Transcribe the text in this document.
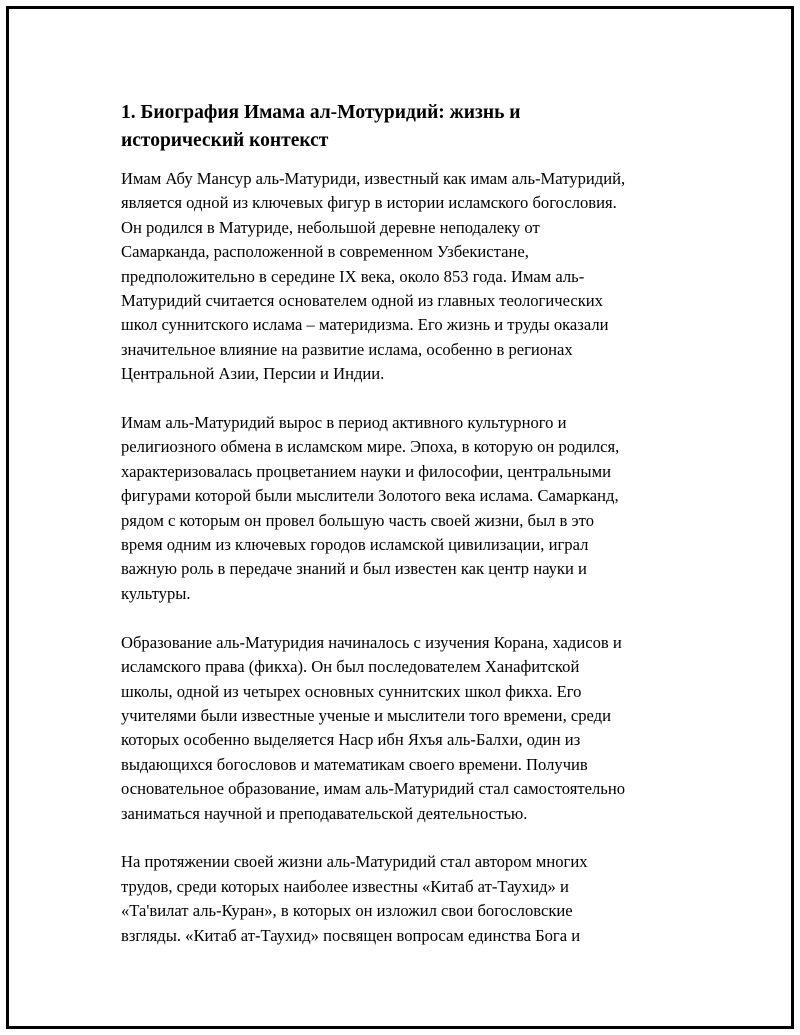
1. Биография Имама ал-Мотуридий: жизнь и
исторический контекст

Имам Абу Мансур аль-Матуриди, известный как имам аль-Матуридий,
является одной из ключевых фигур в истории исламского богословия.
Он родился в Матуриде, небольшой деревне неподалеку от
Самарканда, расположенной в современном Узбекистане,
предположительно в середине IX века, около 853 года. Имам аль-
Матуридий считается основателем одной из главных теологических
школ суннитского ислама – материдизма. Его жизнь и труды оказали
значительное влияние на развитие ислама, особенно в регионах
Центральной Азии, Персии и Индии.

Имам аль-Матуридий вырос в период активного культурного и
религиозного обмена в исламском мире. Эпоха, в которую он родился,
характеризовалась процветанием науки и философии, центральными
фигурами которой были мыслители Золотого века ислама. Самарканд,
рядом с которым он провел большую часть своей жизни, был в это
время одним из ключевых городов исламской цивилизации, играл
важную роль в передаче знаний и был известен как центр науки и
культуры.

Образование аль-Матуридия начиналось с изучения Корана, хадисов и
исламского права (фикха). Он был последователем Ханафитской
школы, одной из четырех основных суннитских школ фикха. Его
учителями были известные ученые и мыслители того времени, среди
которых особенно выделяется Наср ибн Яхъя аль-Балхи, один из
выдающихся богословов и математикам своего времени. Получив
основательное образование, имам аль-Матуридий стал самостоятельно
заниматься научной и преподавательской деятельностью.

На протяжении своей жизни аль-Матуридий стал автором многих
трудов, среди которых наиболее известны «Китаб ат-Таухид» и
«Та'вилат аль-Куран», в которых он изложил свои богословские
взгляды. «Китаб ат-Таухид» посвящен вопросам единства Бога и
